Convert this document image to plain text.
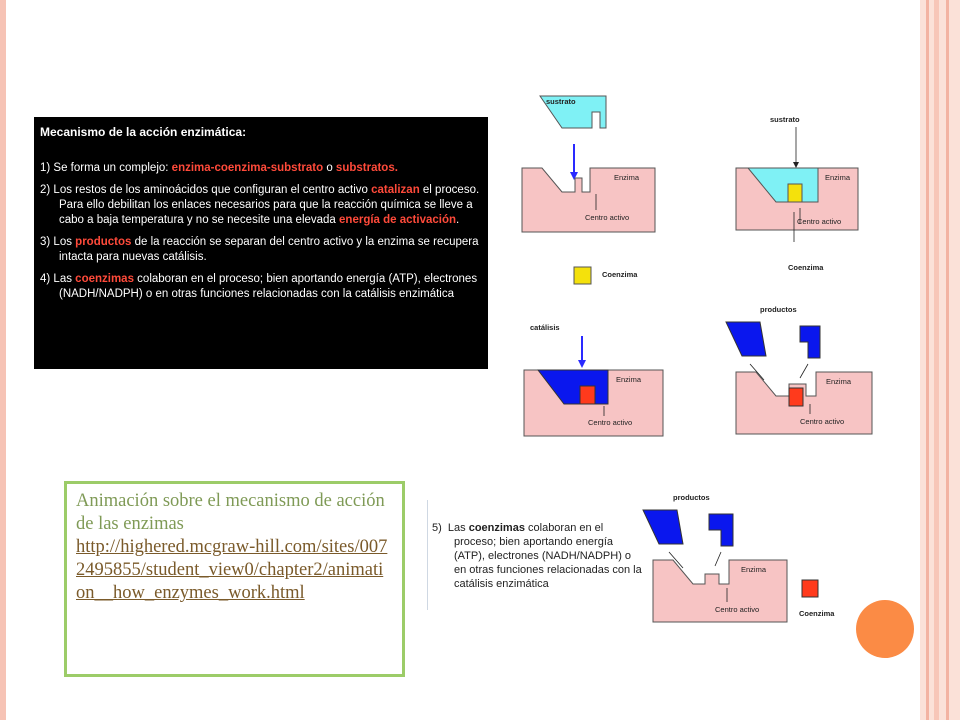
Mecanismo de la acción enzimática:

1) Se forma un complejo: enzima-coenzima-substrato o substratos.

2) Los restos de los aminoácidos que configuran el centro activo catalizan el proceso. Para ello debilitan los enlaces necesarios para que la reacción química se lleve a cabo a baja temperatura y no se necesite una elevada energía de activación.

3) Los productos de la reacción se separan del centro activo y la enzima se recupera intacta para nuevas catálisis.

4) Las coenzimas colaboran en el proceso; bien aportando energía (ATP), electrones (NADH/NADPH) o en otras funciones relacionadas con la catálisis enzimática

sustrato
Enzima
Centro activo
Coenzima
sustrato
Enzima
Centro activo
Coenzima
catálisis
Enzima
Centro activo
productos
Enzima
Centro activo
Animación sobre el mecanismo de acción de las enzimas
http://highered.mcgraw-hill.com/sites/0072495855/student_view0/chapter2/animation__how_enzymes_work.html
5) Las coenzimas colaboran en el proceso; bien aportando energía (ATP), electrones (NADH/NADPH) o en otras funciones relacionadas con la catálisis enzimática
productos
Enzima
Centro activo	Coenzima
